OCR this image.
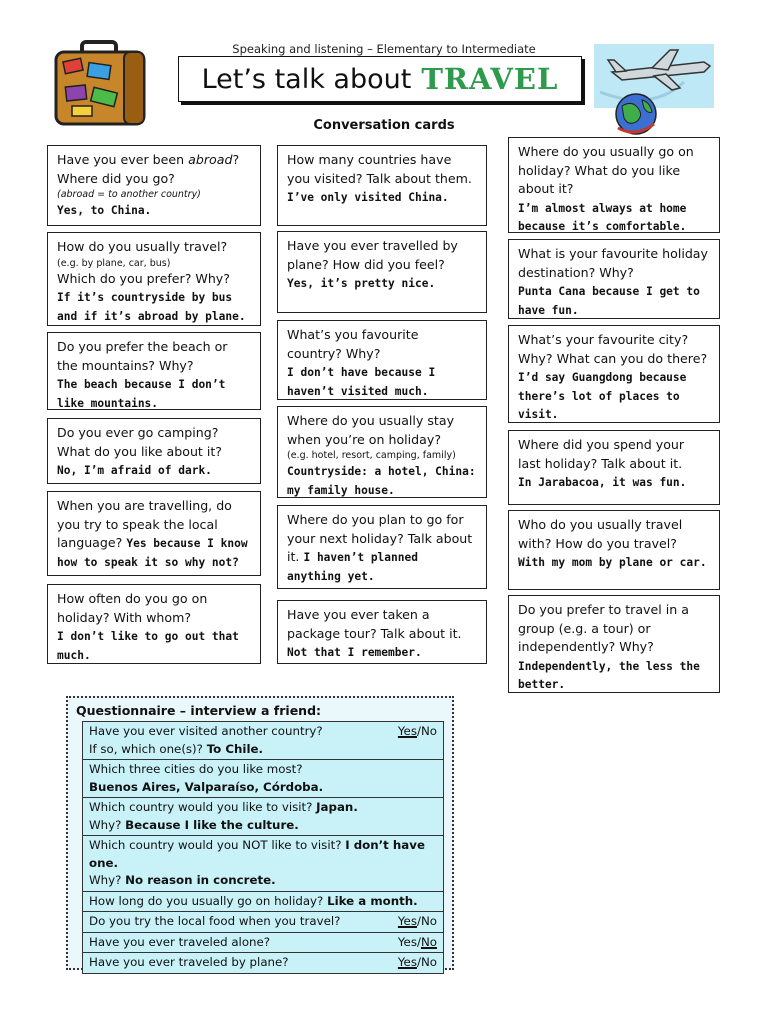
Speaking and listening – Elementary to Intermediate
Let’s talk about TRAVEL
Conversation cards
Have you ever been abroad?
Where did you go?
(abroad = to another country)
Yes, to China.
How do you usually travel?
(e.g. by plane, car, bus)
Which do you prefer? Why?
If it’s countryside by bus and if it’s abroad by plane.
Do you prefer the beach or the mountains? Why?
The beach because I don’t like mountains.
Do you ever go camping? What do you like about it?
No, I’m afraid of dark.
When you are travelling, do you try to speak the local language? Yes because I know how to speak it so why not?
How often do you go on holiday? With whom?
I don’t like to go out that much.
How many countries have you visited? Talk about them.
I’ve only visited China.
Have you ever travelled by plane? How did you feel?
Yes, it’s pretty nice.
What’s you favourite country? Why?
I don’t have because I haven’t visited much.
Where do you usually stay when you’re on holiday?
(e.g. hotel, resort, camping, family)
Countryside: a hotel, China: my family house.
Where do you plan to go for your next holiday? Talk about it. I haven’t planned anything yet.
Have you ever taken a package tour? Talk about it.
Not that I remember.
Where do you usually go on holiday? What do you like about it?
I’m almost always at home because it’s comfortable.
What is your favourite holiday destination? Why?
Punta Cana because I get to have fun.
What’s your favourite city? Why? What can you do there? I’d say Guangdong because there’s lot of places to visit.
Where did you spend your last holiday? Talk about it.
In Jarabacoa, it was fun.
Who do you usually travel with? How do you travel?
With my mom by plane or car.
Do you prefer to travel in a group (e.g. a tour) or independently? Why?
Independently, the less the better.
Questionnaire – interview a friend:
Have you ever visited another country?	Yes/No

If so, which one(s)? To Chile.
Which three cities do you like most?
Buenos Aires, Valparaíso, Córdoba.
Which country would you like to visit? Japan.
Why? Because I like the culture.
Which country would you NOT like to visit? I don’t have one.
Why? No reason in concrete.
How long do you usually go on holiday? Like a month.
Do you try the local food when you travel?	Yes/No

Have you ever traveled alone?	Yes/No

Have you ever traveled by plane?	Yes/No
